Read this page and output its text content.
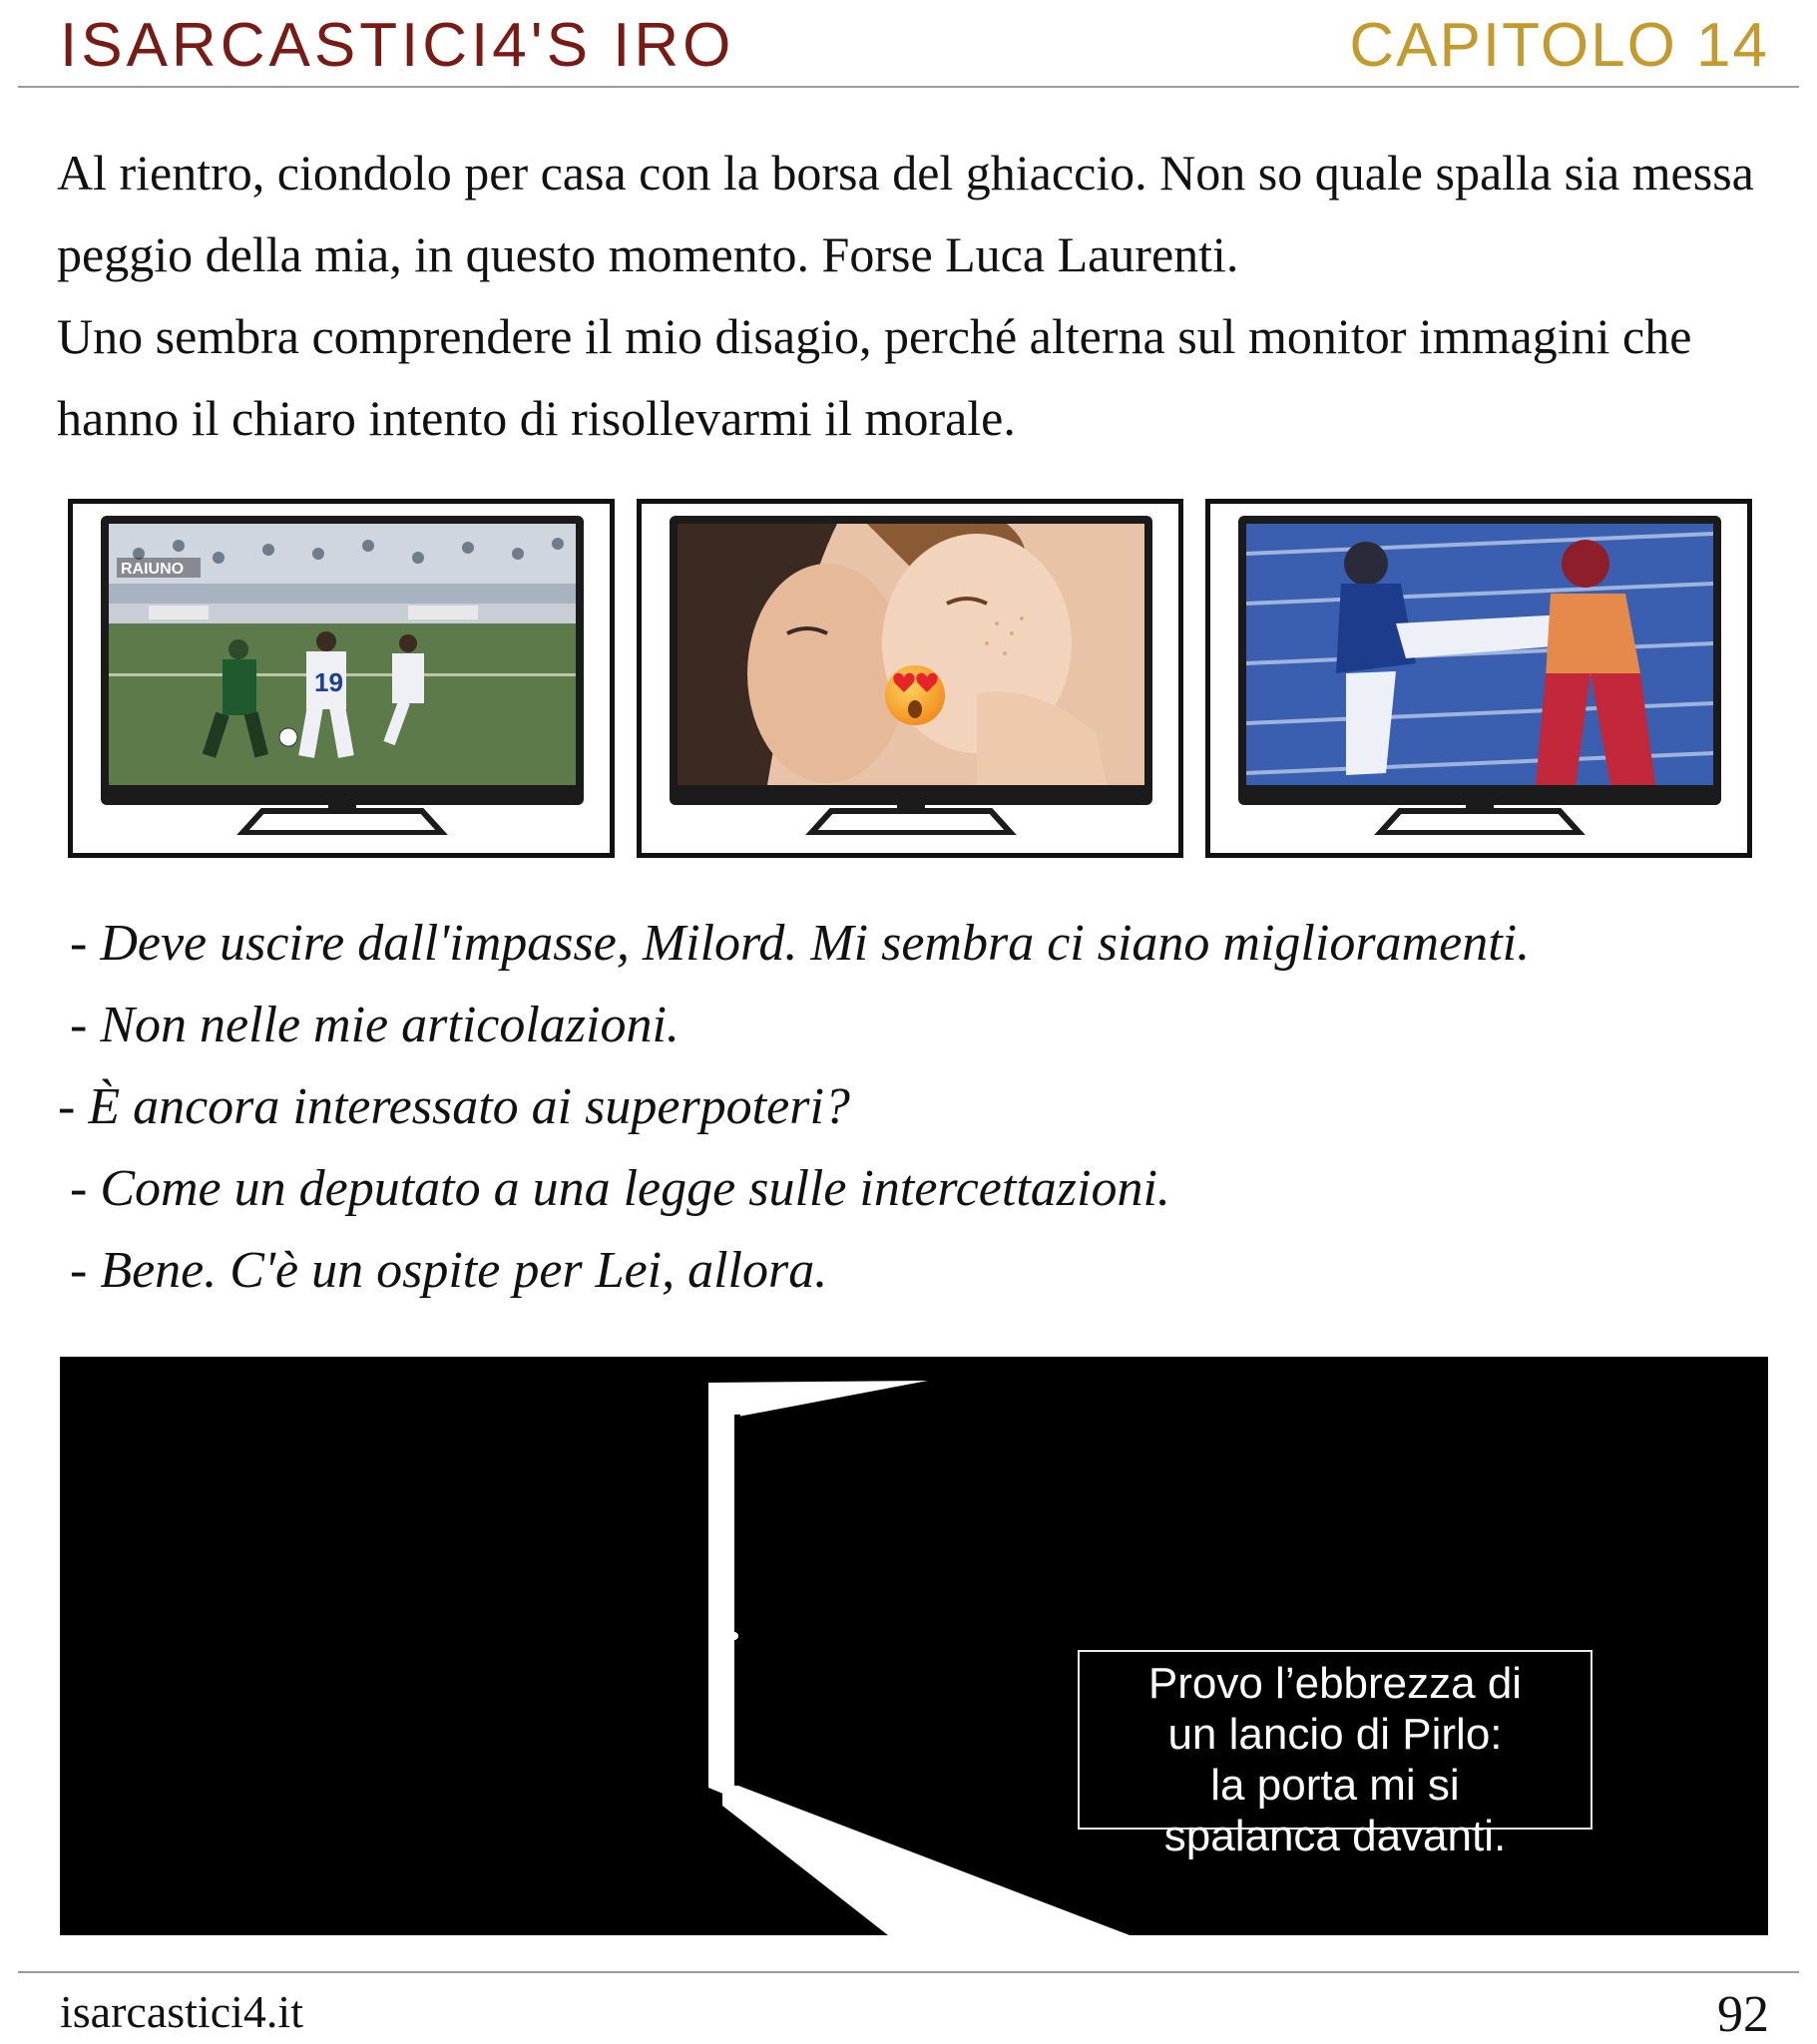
ISARCASTICI4'S IRO	CAPITOLO 14

Al rientro, ciondolo per casa con la borsa del ghiaccio. Non so quale spalla sia messa peggio della mia, in questo momento. Forse Luca Laurenti.

Uno sembra comprendere il mio disagio, perché alterna sul monitor immagini che hanno il chiaro intento di risollevarmi il morale.

19
RAIUNO
- Deve uscire dall'impasse, Milord. Mi sembra ci siano miglioramenti.
- Non nelle mie articolazioni.
- È ancora interessato ai superpoteri?
- Come un deputato a una legge sulle intercettazioni.
- Bene. C'è un ospite per Lei, allora.
Provo l’ebbrezza di
un lancio di Pirlo:
la porta mi si
spalanca davanti.
isarcastici4.it	92
